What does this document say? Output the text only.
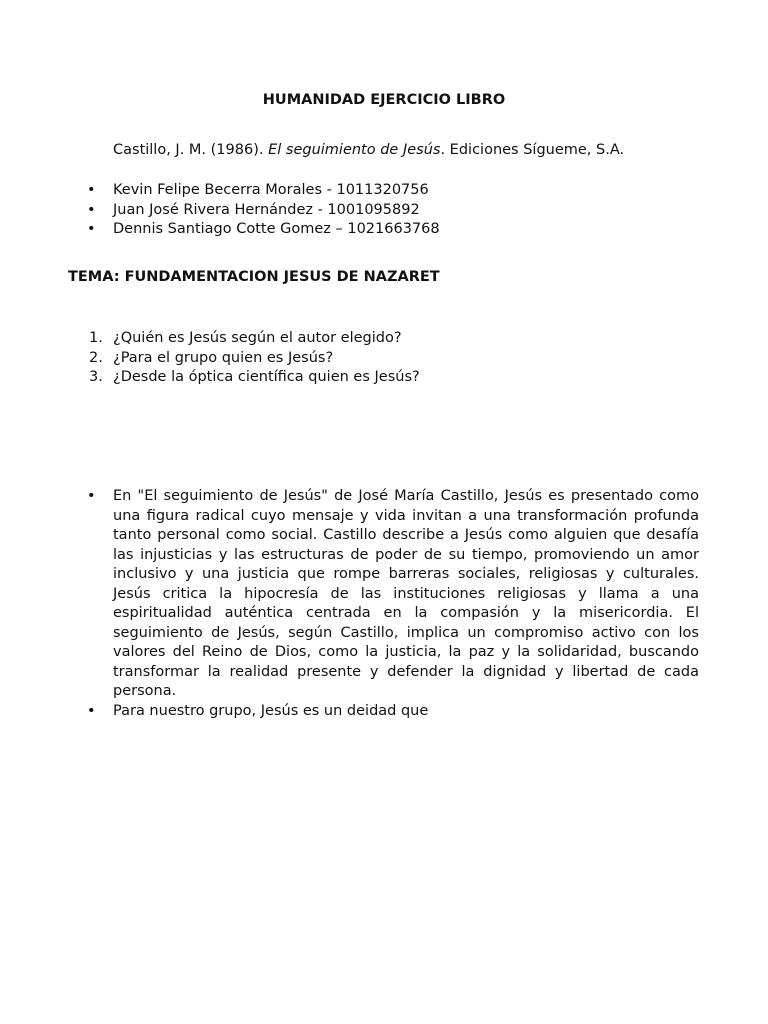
HUMANIDAD EJERCICIO LIBRO
Castillo, J. M. (1986). El seguimiento de Jesús. Ediciones Sígueme, S.A.
• Kevin Felipe Becerra Morales - 1011320756
• Juan José Rivera Hernández - 1001095892
• Dennis Santiago Cotte Gomez – 1021663768
TEMA: FUNDAMENTACION JESUS DE NAZARET
1. ¿Quién es Jesús según el autor elegido?
2. ¿Para el grupo quien es Jesús?
3. ¿Desde la óptica científica quien es Jesús?
• En "El seguimiento de Jesús" de José María Castillo, Jesús es presentado como una figura radical cuyo mensaje y vida invitan a una transformación profunda tanto personal como social. Castillo describe a Jesús como alguien que desafía las injusticias y las estructuras de poder de su tiempo, promoviendo un amor inclusivo y una justicia que rompe barreras sociales, religiosas y culturales. Jesús critica la hipocresía de las instituciones religiosas y llama a una espiritualidad auténtica centrada en la compasión y la misericordia. El seguimiento de Jesús, según Castillo, implica un compromiso activo con los valores del Reino de Dios, como la justicia, la paz y la solidaridad, buscando transformar la realidad presente y defender la dignidad y libertad de cada persona.
• Para nuestro grupo, Jesús es un deidad que
